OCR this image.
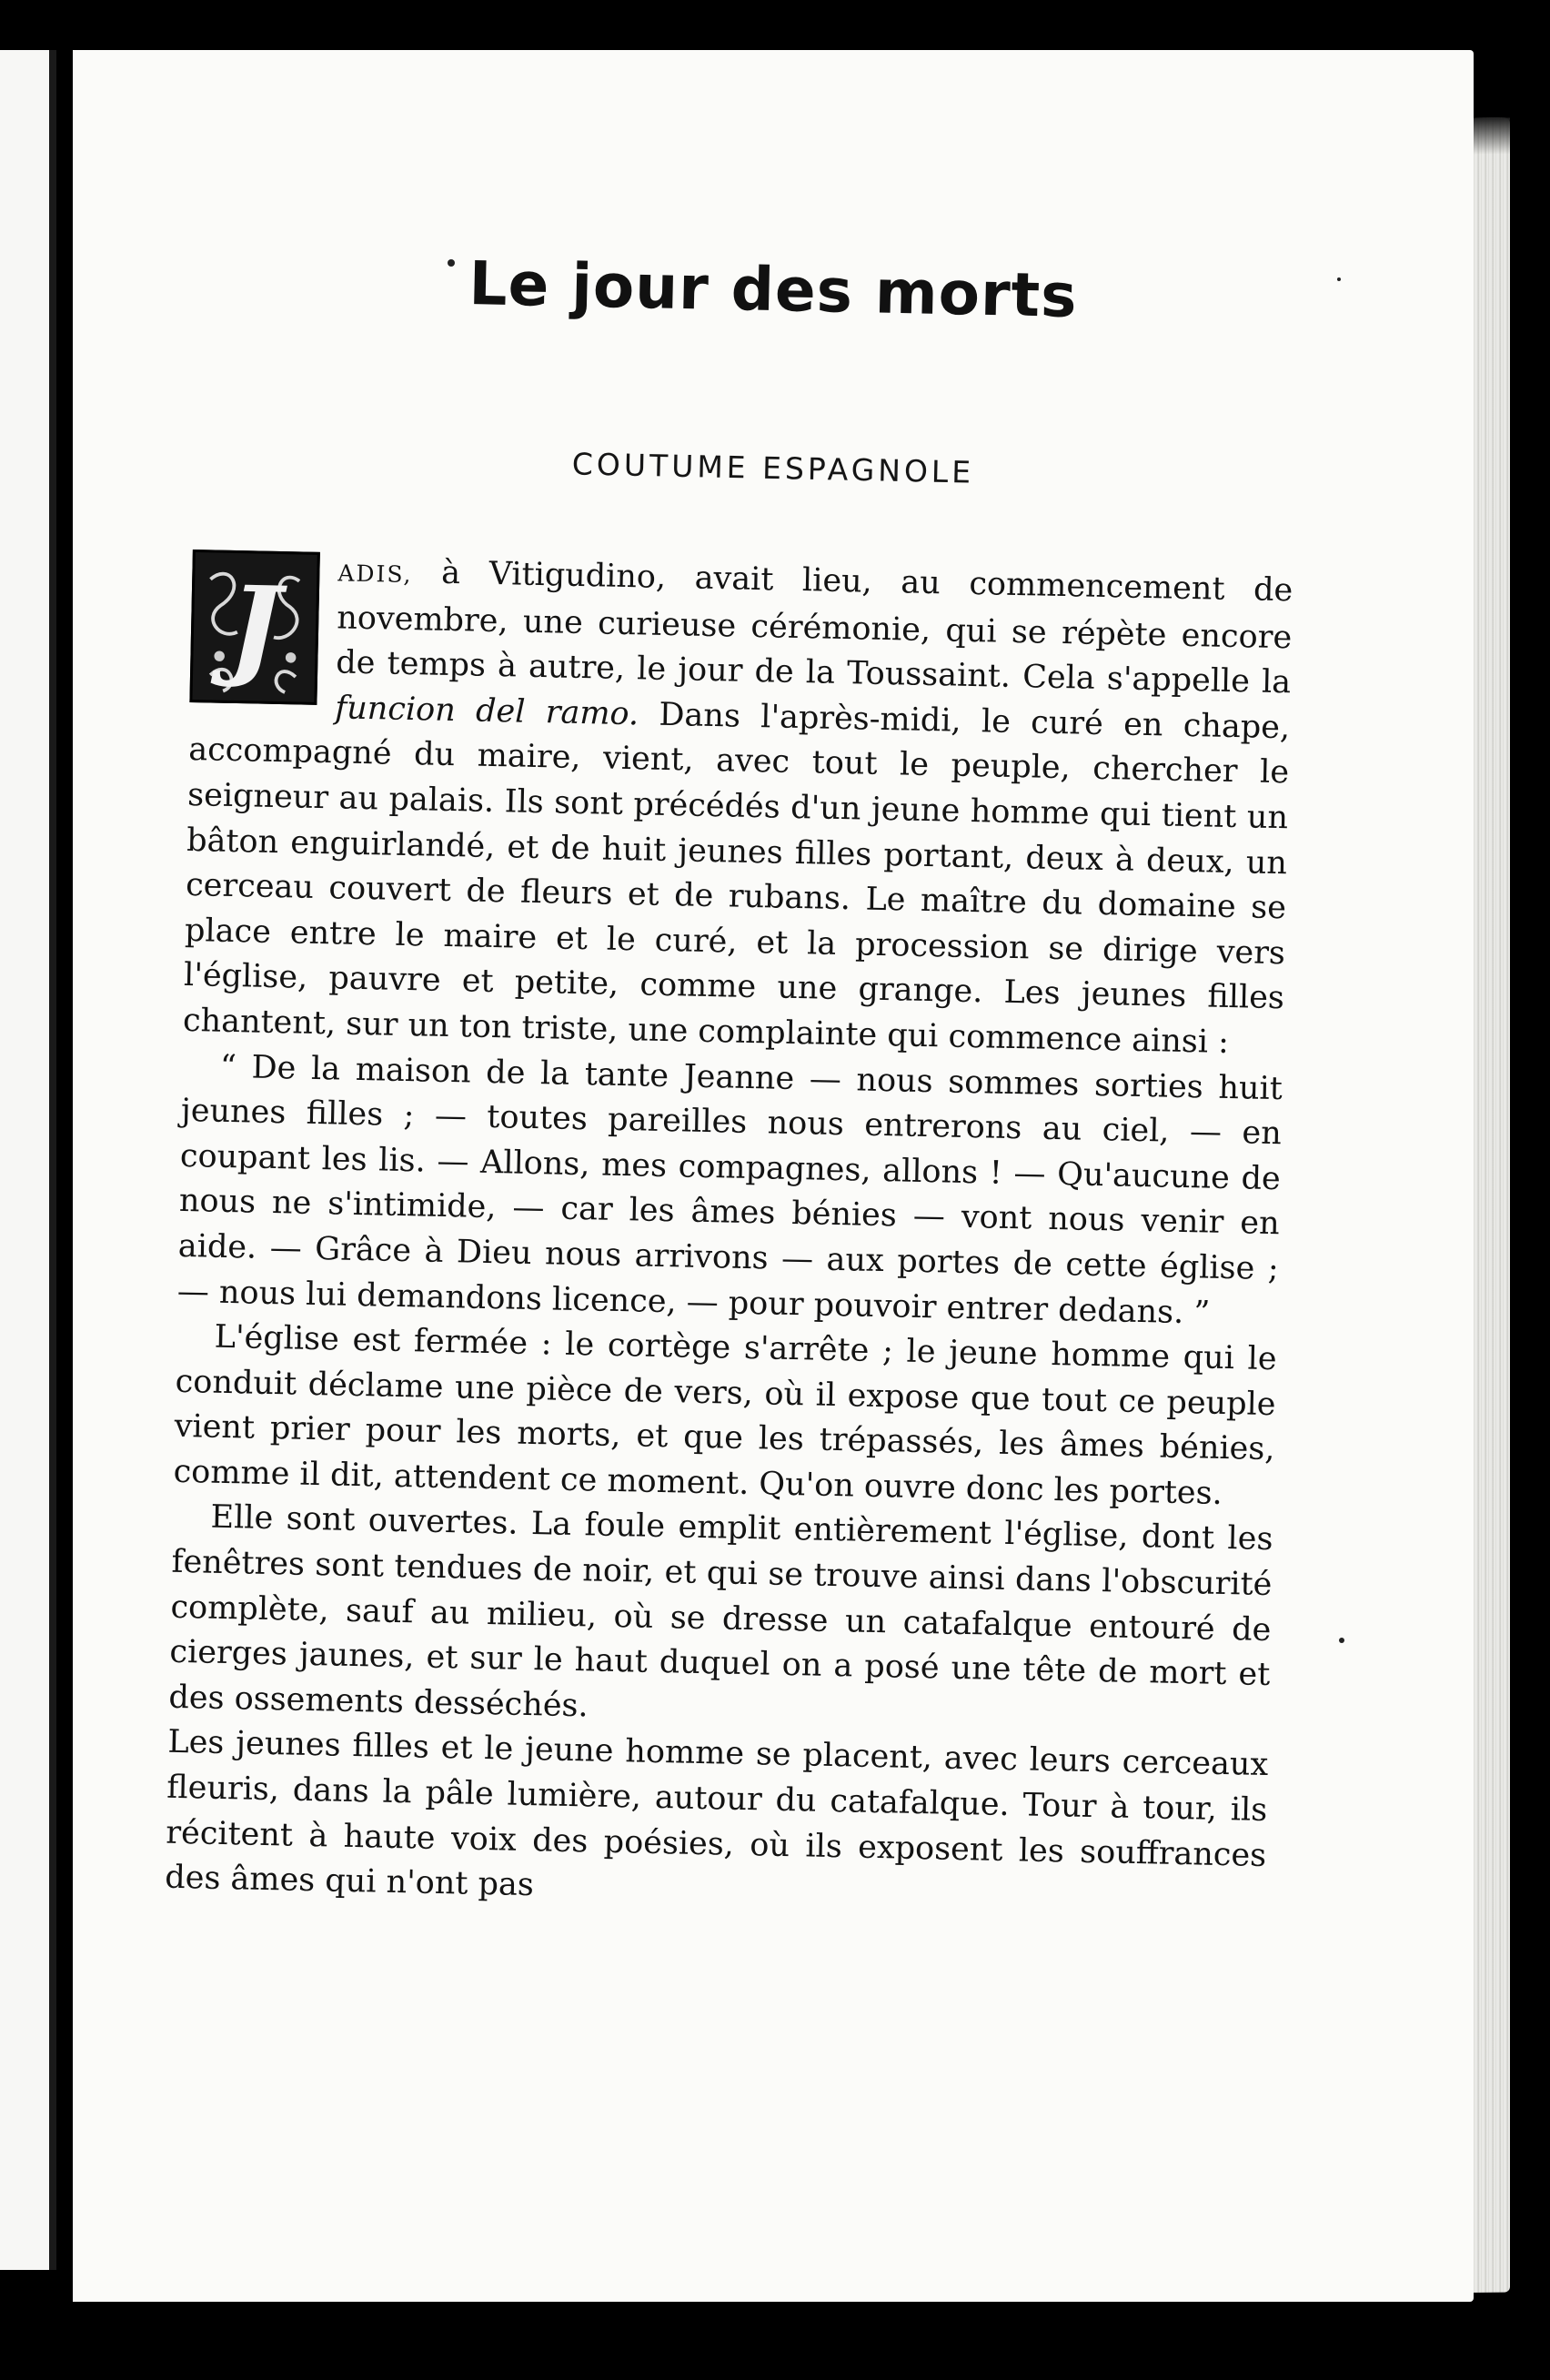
Le jour des morts
COUTUME ESPAGNOLE

J	ADIS, à Vitigudino, avait lieu, au commencement de novembre, une curieuse cérémonie, qui se répète encore de temps à autre, le jour de la Toussaint. Cela s'appelle la funcion del ramo. Dans l'après-midi, le curé en chape, accompagné du maire, vient, avec tout le peuple, chercher le seigneur au palais. Ils sont précédés d'un jeune homme qui tient un bâton enguirlandé, et de huit jeunes filles portant, deux à deux, un cerceau couvert de fleurs et de rubans. Le maître du domaine se place entre le maire et le curé, et la procession se dirige vers l'église, pauvre et petite, comme une grange. Les jeunes filles chantent, sur un ton triste, une complainte qui commence ainsi :

“ De la maison de la tante Jeanne — nous sommes sorties huit jeunes filles ; — toutes pareilles nous entrerons au ciel, — en coupant les lis. — Allons, mes compagnes, allons ! — Qu'aucune de nous ne s'intimide, — car les âmes bénies — vont nous venir en aide. — Grâce à Dieu nous arrivons — aux portes de cette église ; — nous lui demandons licence, — pour pouvoir entrer dedans. ”

L'église est fermée : le cortège s'arrête ; le jeune homme qui le conduit déclame une pièce de vers, où il expose que tout ce peuple vient prier pour les morts, et que les trépassés, les âmes bénies, comme il dit, attendent ce moment. Qu'on ouvre donc les portes.

Elle sont ouvertes. La foule emplit entièrement l'église, dont les fenêtres sont tendues de noir, et qui se trouve ainsi dans l'obscurité complète, sauf au milieu, où se dresse un catafalque entouré de cierges jaunes, et sur le haut duquel on a posé une tête de mort et des ossements desséchés.

Les jeunes filles et le jeune homme se placent, avec leurs cerceaux fleuris, dans la pâle lumière, autour du catafalque. Tour à tour, ils récitent à haute voix des poésies, où ils exposent les souffrances des âmes qui n'ont pas
